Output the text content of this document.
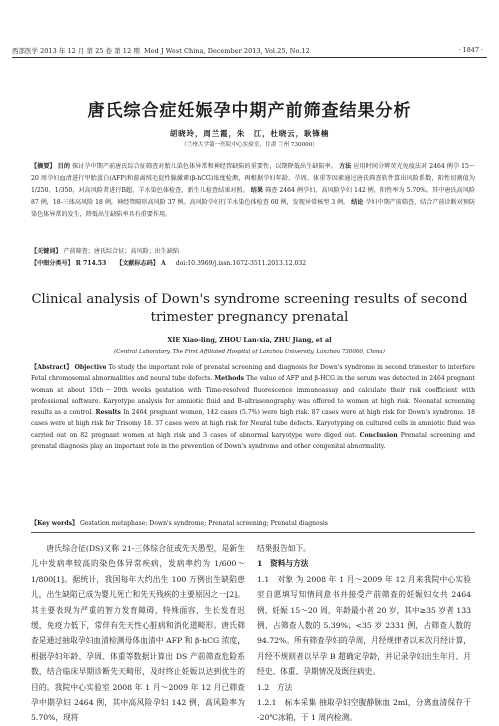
西部医学 2013 年 12 月 第 25 卷 第 12 期 Med J West China, December 2013, Vol.25, No.12	· 1847 ·
唐氏综合症妊娠孕中期产前筛查结果分析
胡晓玲，周兰霞，朱　江，杜晓云，耿锋楠
（兰州大学第一医院中心实验室，甘肃 兰州 730000）
【摘要】 目的 探讨孕中期产前唐氏综合征筛查对胎儿染色体异常和神经管缺陷的重要性，以期降低出生缺陷率。 方法 应用时间分辨荧光免疫法对 2464 例孕 15～20 周孕妇血清进行甲胎蛋白(AFP)和游离绒毛促性腺激素(β-hCG)浓度检测，再根据孕妇年龄、孕周、体重等因素通过唐氏筛查软件算出风险系数，阳性切割值为 1/250、1/350，对高风险者进行B超、羊水染色体检查，新生儿检查结果对照。 结果 筛查 2464 例孕妇，高风险孕妇 142 例，阳性率为 5.70%。其中唐氏高风险 87 例，18-三体高风险 18 例，神经管畸形高风险 37 例。高风险孕妇行羊水染色体检查 60 例，发现异常核型 3 例。 结论 孕妇中期产前筛查，结合产前诊断对预防染色体异常的发生，降低出生缺陷率具有重要作用。
【关键词】 产前筛查；唐氏综合征；高风险；出生缺陷
【中图分类号】 R 714.53 【文献标志码】 A doi:10.3969/j.issn.1672-3511.2013.12.032
Clinical analysis of Down's syndrome screening results of second
trimester pregnancy prenatal
XIE Xiao-ling, ZHOU Lan-xia, ZHU Jiang, et al
(Central Laboratory, The First Affiliated Hospital of Lanzhou University, Lanzhou 730000, China)
【Abstract】 Objective To study the important role of prenatal screening and diagnosis for Down's syndrome in second trimester to interfere Fetal chromosomal abnormalities and neural tube defects. Methods The value of AFP and β-HCG in the serum was detected in 2464 pregnant woman at about 15th～20th weeks gestation with Time-resolved fluorescence immunoassay and calculate their risk coefficient with professional software. Karyotype analysis for amniotic fluid and B-ultrasonography was offered to women at high risk. Neonatal screening results as a control. Results In 2464 pregnant women, 142 cases (5.7%) were high risk. 87 cases were at high risk for Down's syndrome. 18 cases were at high risk for Trisomy 18. 37 cases were at high risk for Neural tube defects. Karyotyping on cultured cells in amniotic fluid was carried out on 82 pregnant women at high risk and 3 cases of abnormal karyotype were diged out. Conclusion Prenatal screening and prenatal diagnosis play an important role in the prevention of Down's syndrome and other congenital abnormality.
【Key words】 Gestation metaphase; Down's syndrome; Prenatal screening; Prenatal diagnosis

唐氏综合征(DS)又称 21-三体综合征或先天愚型，是新生儿中发病率较高的染色体异常疾病，发病率约为 1/600～1/800[1]。据统计，我国每年大约出生 100 万例出生缺陷患儿，出生缺陷已成为婴儿死亡和先天残疾的主要原因之一[2]。其主要表现为严重的智力发育障碍，特殊面容，生长发育迟缓，免疫力低下，常伴有先天性心脏病和消化道畸形。唐氏筛查是通过抽取孕妇血清检测母体血清中 AFP 和 β-hCG 浓度，根据孕妇年龄、孕周、体重等数据计算出 DS 产前筛查危险系数，结合临床早期诊断先天畸形，及时终止妊娠以达到优生的目的。我院中心实验室 2008 年 1 月～2009 年 12 月已筛查孕中期孕妇 2464 例，其中高风险孕妇 142 例，高风险率为 5.70%，现将

结果报告如下。
1　资料与方法
1.1　对象 为 2008 年 1 月～2009 年 12 月来我院中心实验室自愿填写知情同意书并接受产前筛查的妊娠妇女共 2464 例，妊娠 15～20 周，年龄最小者 20 岁，其中≥35 岁者 133 例，占筛查人数的 5.39%；<35 岁 2331 例，占筛查人数的 94.72%。所有筛查孕妇的孕周，月经规律者以末次月经计算，月经不规则者以早孕 B 超确定孕龄，并记录孕妇出生年月、月经史、体重、孕期情况及既往病史。
1.2　方法
1.2.1　标本采集 抽取孕妇空腹静脉血 2ml，分离血清保存于 -20℃冰箱，于 1 周内检测。
